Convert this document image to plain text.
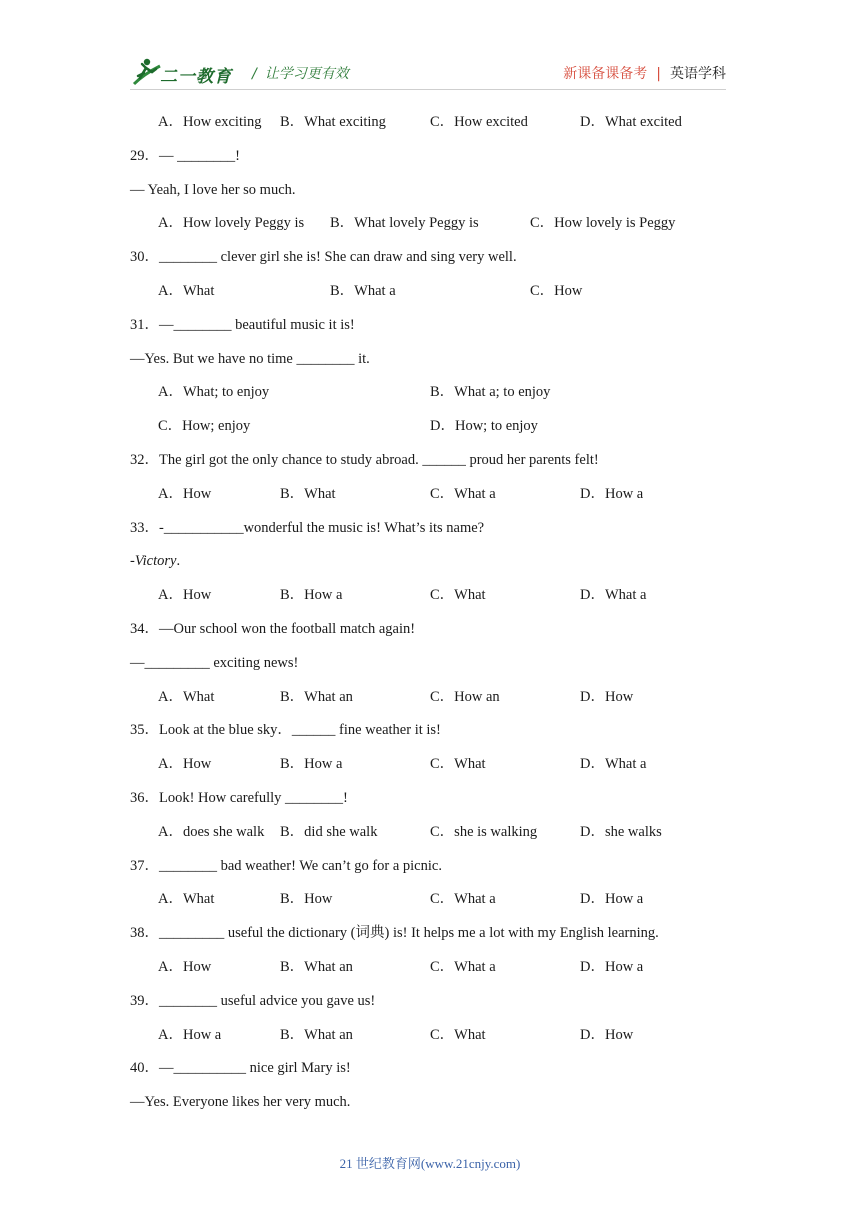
二一教育 / 让学习更有效	新课备课备考 | 英语学科
A．How exciting B．What exciting	C．How excited	D．What excited
29．— ________!
— Yeah, I love her so much.
A．How lovely Peggy is B．What lovely Peggy is	C．How lovely is Peggy
30．________ clever girl she is! She can draw and sing very well.
A．What	B．What a	C．How
31．—________ beautiful music it is!
—Yes. But we have no time ________ it.
A．What; to enjoy	B．What a; to enjoy
C．How; enjoy	D．How; to enjoy
32．The girl got the only chance to study abroad. ______ proud her parents felt!
A．How	B．What	C．What a	D．How a
33．-___________wonderful the music is! What’s its name?
-Victory.
A．How	B．How a	C．What	D．What a
34．—Our school won the football match again!
—_________ exciting news!
A．What	B．What an	C．How an	D．How
35．Look at the blue sky．______ fine weather it is!
A．How	B．How a	C．What	D．What a
36．Look! How carefully ________!
A．does she walk B．did she walk	C．she is walking	D．she walks
37．________ bad weather! We can’t go for a picnic.
A．What	B．How	C．What a	D．How a
38．_________ useful the dictionary (词典) is! It helps me a lot with my English learning.
A．How	B．What an	C．What a	D．How a
39．________ useful advice you gave us!
A．How a	B．What an	C．What	D．How
40．—__________ nice girl Mary is!
—Yes. Everyone likes her very much.
21 世纪教育网(www.21cnjy.com)
